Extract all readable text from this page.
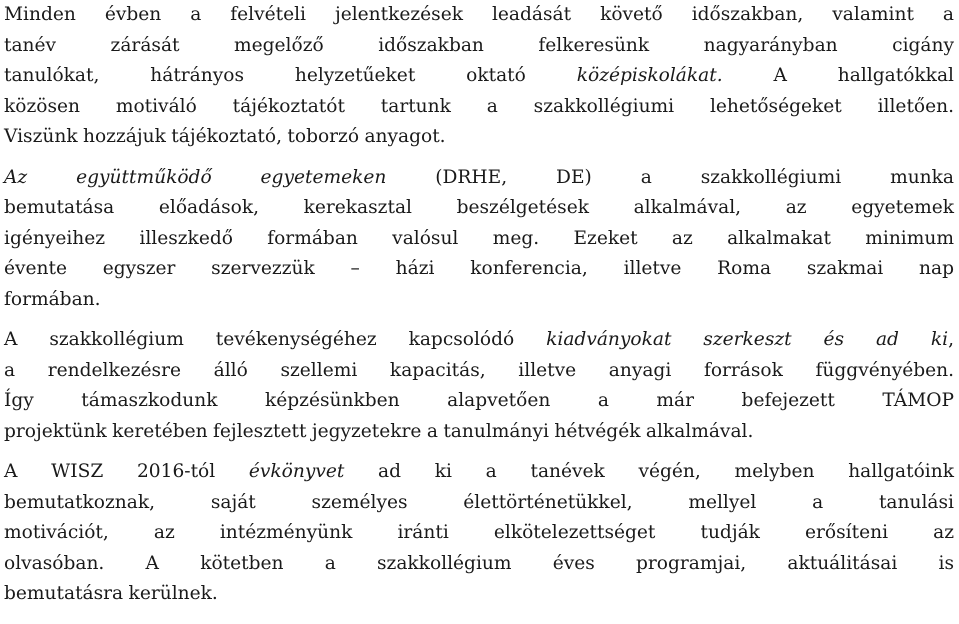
Minden évben a felvételi jelentkezések leadását követő időszakban, valamint a
tanév zárását megelőző időszakban felkeresünk nagyarányban cigány
tanulókat, hátrányos helyzetűeket oktató középiskolákat. A hallgatókkal
közösen motiváló tájékoztatót tartunk a szakkollégiumi lehetőségeket illetően.
Viszünk hozzájuk tájékoztató, toborzó anyagot.
Az együttműködő egyetemeken (DRHE, DE) a szakkollégiumi munka
bemutatása előadások, kerekasztal beszélgetések alkalmával, az egyetemek
igényeihez illeszkedő formában valósul meg. Ezeket az alkalmakat minimum
évente egyszer szervezzük – házi konferencia, illetve Roma szakmai nap
formában.
A szakkollégium tevékenységéhez kapcsolódó kiadványokat szerkeszt és ad ki,
a rendelkezésre álló szellemi kapacitás, illetve anyagi források függvényében.
Így támaszkodunk képzésünkben alapvetően a már befejezett TÁMOP
projektünk keretében fejlesztett jegyzetekre a tanulmányi hétvégék alkalmával.
A WISZ 2016-tól évkönyvet ad ki a tanévek végén, melyben hallgatóink
bemutatkoznak, saját személyes élettörténetükkel, mellyel a tanulási
motivációt, az intézményünk iránti elkötelezettséget tudják erősíteni az
olvasóban. A kötetben a szakkollégium éves programjai, aktuálitásai is
bemutatásra kerülnek.
